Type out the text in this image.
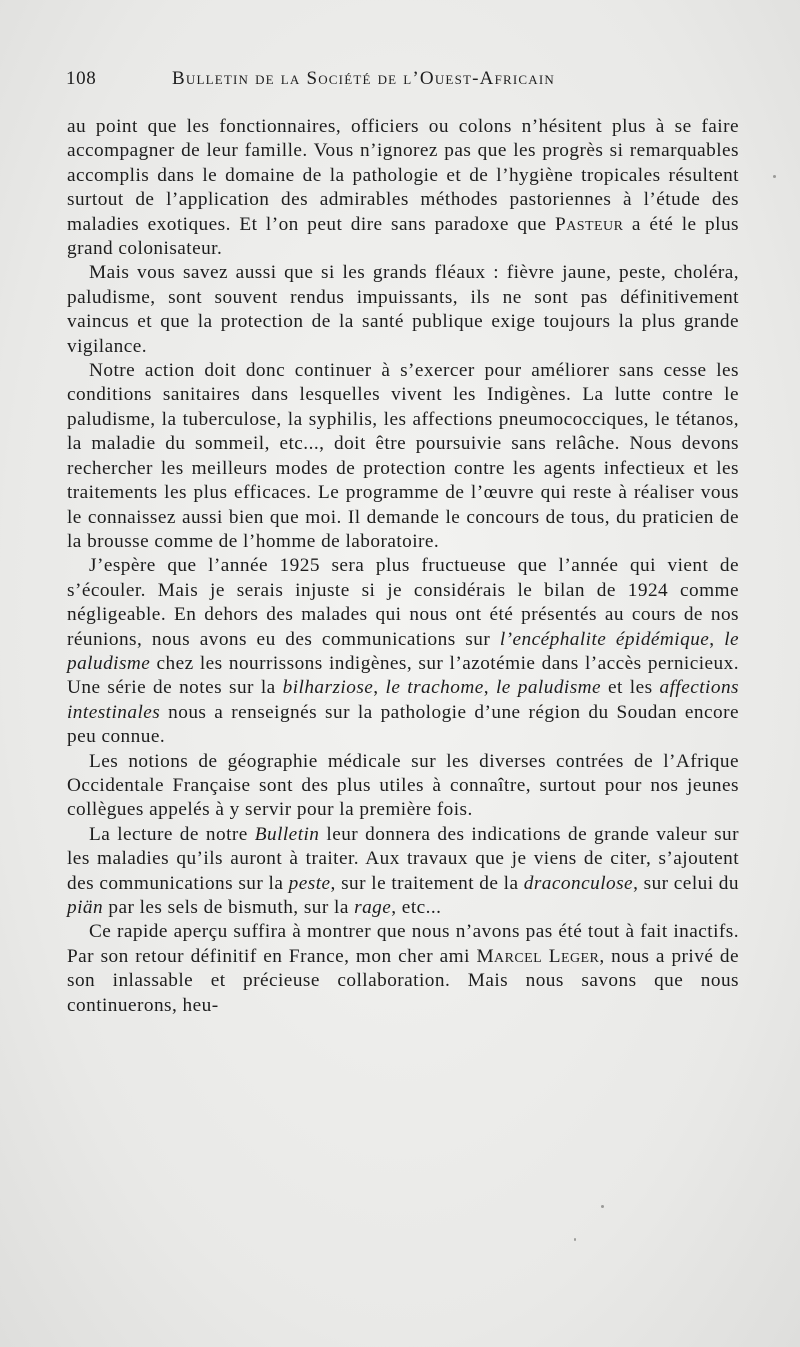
108	Bulletin de la Société de l’Ouest-Africain

au point que les fonctionnaires, officiers ou colons n’hésitent plus à se faire accompagner de leur famille. Vous n’ignorez pas que les progrès si remarquables accomplis dans le domaine de la pathologie et de l’hygiène tropicales résultent surtout de l’application des admirables méthodes pastoriennes à l’étude des maladies exotiques. Et l’on peut dire sans paradoxe que Pasteur a été le plus grand colonisateur.

Mais vous savez aussi que si les grands fléaux : fièvre jaune, peste, choléra, paludisme, sont souvent rendus impuissants, ils ne sont pas définitivement vaincus et que la protection de la santé publique exige toujours la plus grande vigilance.

Notre action doit donc continuer à s’exercer pour améliorer sans cesse les conditions sanitaires dans lesquelles vivent les Indigènes. La lutte contre le paludisme, la tuberculose, la syphilis, les affections pneumococciques, le tétanos, la maladie du sommeil, etc..., doit être poursuivie sans relâche. Nous devons rechercher les meilleurs modes de protection contre les agents infectieux et les traitements les plus efficaces. Le programme de l’œuvre qui reste à réaliser vous le connaissez aussi bien que moi. Il demande le concours de tous, du praticien de la brousse comme de l’homme de laboratoire.

J’espère que l’année 1925 sera plus fructueuse que l’année qui vient de s’écouler. Mais je serais injuste si je considérais le bilan de 1924 comme négligeable. En dehors des malades qui nous ont été présentés au cours de nos réunions, nous avons eu des communications sur l’encéphalite épidémique, le paludisme chez les nourrissons indigènes, sur l’azotémie dans l’accès pernicieux. Une série de notes sur la bilharziose, le trachome, le paludisme et les affections intestinales nous a renseignés sur la pathologie d’une région du Soudan encore peu connue.

Les notions de géographie médicale sur les diverses contrées de l’Afrique Occidentale Française sont des plus utiles à connaître, surtout pour nos jeunes collègues appelés à y servir pour la première fois.

La lecture de notre Bulletin leur donnera des indications de grande valeur sur les maladies qu’ils auront à traiter. Aux travaux que je viens de citer, s’ajoutent des communications sur la peste, sur le traitement de la draconculose, sur celui du piän par les sels de bismuth, sur la rage, etc...

Ce rapide aperçu suffira à montrer que nous n’avons pas été tout à fait inactifs. Par son retour définitif en France, mon cher ami Marcel Leger, nous a privé de son inlassable et précieuse collaboration. Mais nous savons que nous continuerons, heu-
